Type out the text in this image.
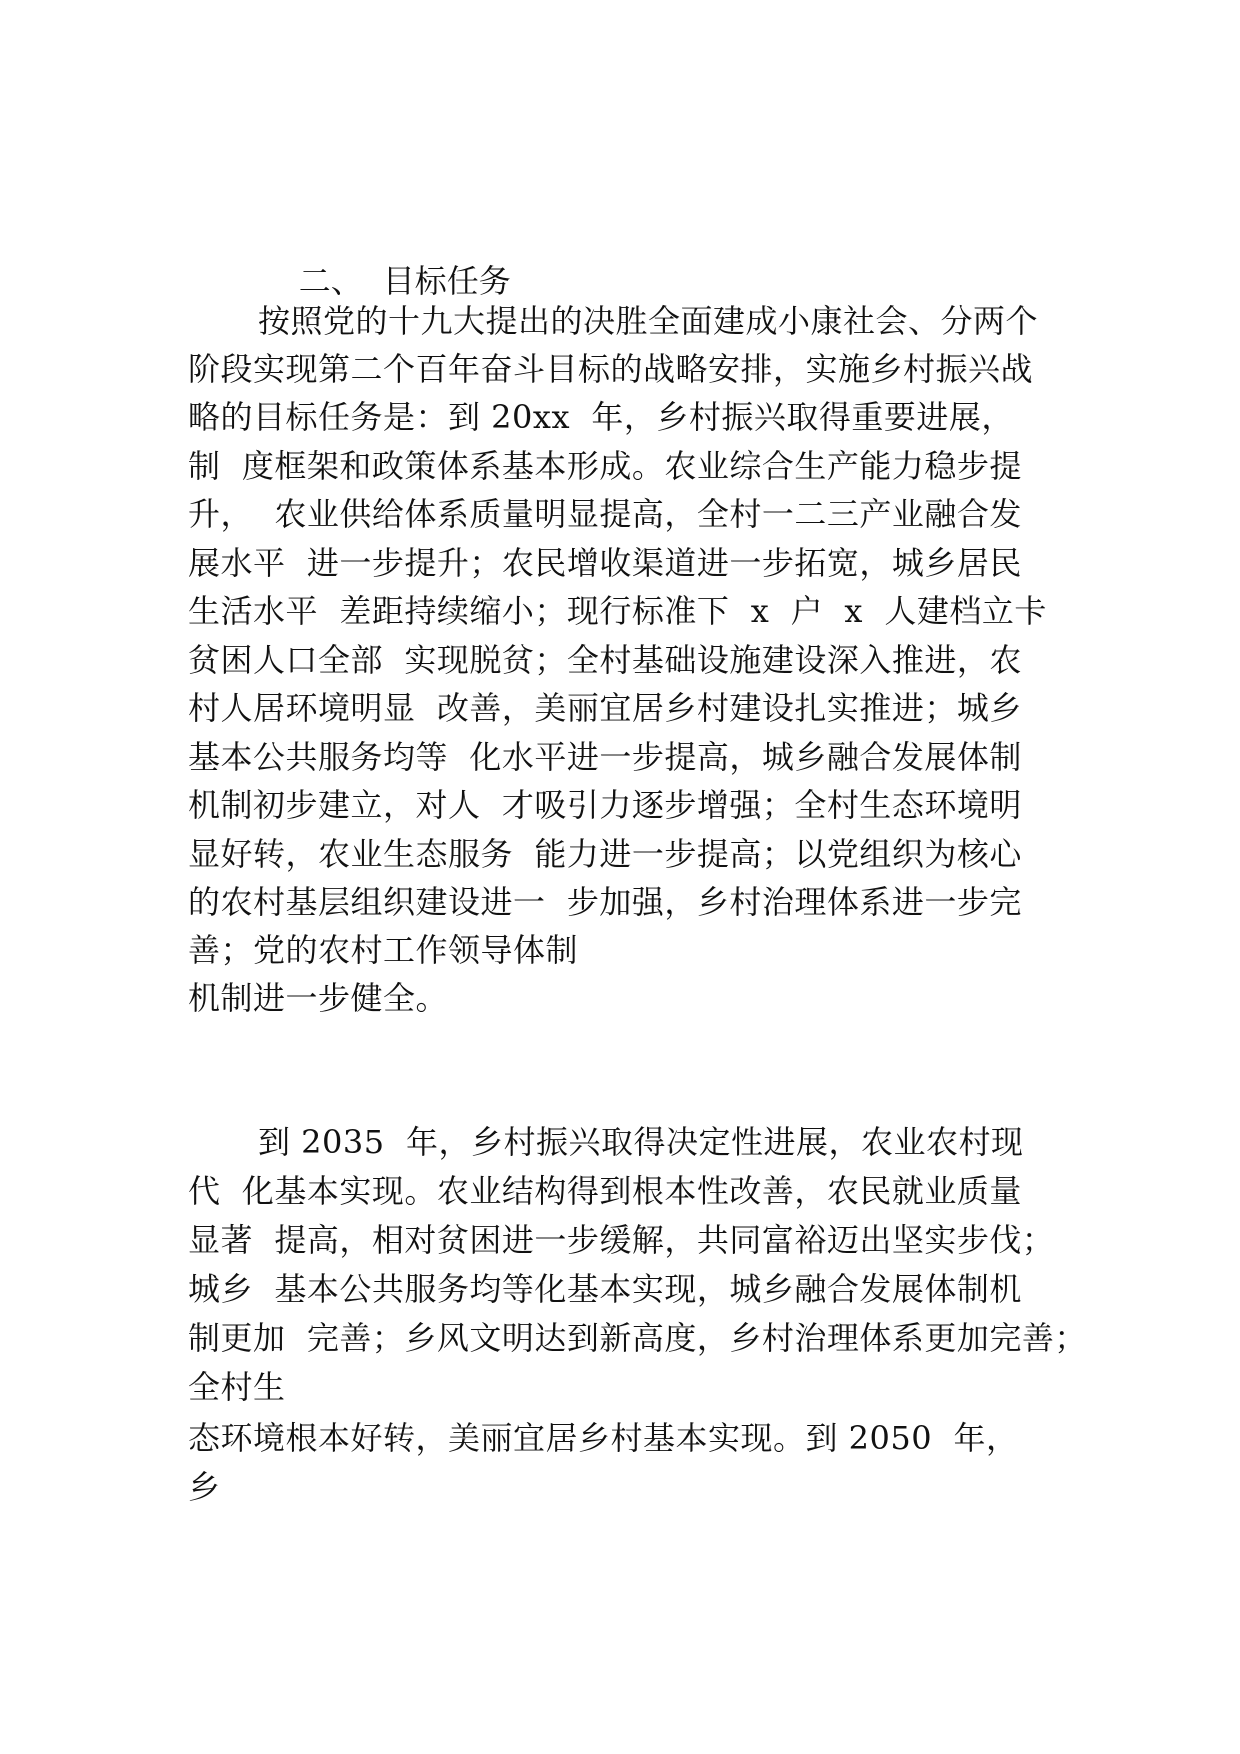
二、 目标任务

按照党的十九大提出的决胜全面建成小康社会、分两个
阶段实现第二个百年奋斗目标的战略安排，实施乡村振兴战
略的目标任务是：到 20xx  年，乡村振兴取得重要进展，
制  度框架和政策体系基本形成。农业综合生产能力稳步提
升，  农业供给体系质量明显提高，全村一二三产业融合发
展水平  进一步提升；农民增收渠道进一步拓宽，城乡居民
生活水平  差距持续缩小；现行标准下  x  户  x  人建档立卡
贫困人口全部  实现脱贫；全村基础设施建设深入推进，农
村人居环境明显  改善，美丽宜居乡村建设扎实推进；城乡
基本公共服务均等  化水平进一步提高，城乡融合发展体制
机制初步建立，对人  才吸引力逐步增强；全村生态环境明
显好转，农业生态服务  能力进一步提高；以党组织为核心
的农村基层组织建设进一  步加强，乡村治理体系进一步完
善；党的农村工作领导体制
机制进一步健全。
到 2035  年，乡村振兴取得决定性进展，农业农村现
代  化基本实现。农业结构得到根本性改善，农民就业质量
显著  提高，相对贫困进一步缓解，共同富裕迈出坚实步伐；
城乡  基本公共服务均等化基本实现，城乡融合发展体制机
制更加  完善；乡风文明达到新高度，乡村治理体系更加完善；
全村生
态环境根本好转，美丽宜居乡村基本实现。到 2050  年，
乡
